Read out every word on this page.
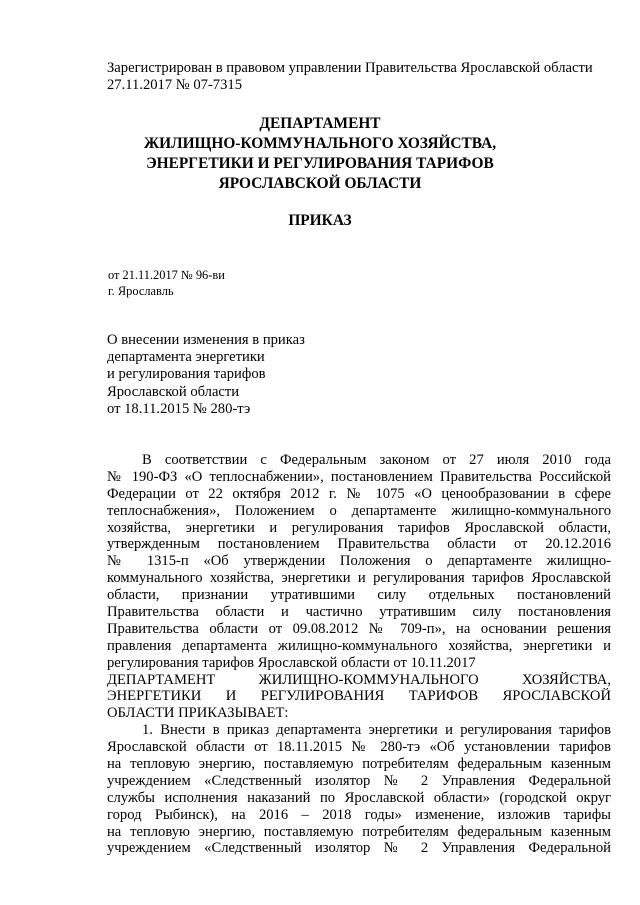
Зарегистрирован в правовом управлении Правительства Ярославской области
27.11.2017 № 07-7315
ДЕПАРТАМЕНТ
ЖИЛИЩНО-КОММУНАЛЬНОГО ХОЗЯЙСТВА,
ЭНЕРГЕТИКИ И РЕГУЛИРОВАНИЯ ТАРИФОВ
ЯРОСЛАВСКОЙ ОБЛАСТИ
ПРИКАЗ
от 21.11.2017 № 96-ви
г. Ярославль
О внесении изменения в приказ
департамента энергетики
и регулирования тарифов
Ярославской области
от 18.11.2015 № 280-тэ
В соответствии с Федеральным законом от 27 июля 2010 года
№ 190-ФЗ «О теплоснабжении», постановлением Правительства Российской
Федерации от 22 октября 2012 г. № 1075 «О ценообразовании в сфере
теплоснабжения», Положением о департаменте жилищно-коммунального
хозяйства, энергетики и регулирования тарифов Ярославской области,
утвержденным постановлением Правительства области от 20.12.2016
№ 1315-п «Об утверждении Положения о департаменте жилищно-
коммунального хозяйства, энергетики и регулирования тарифов Ярославской
области, признании утратившими силу отдельных постановлений
Правительства области и частично утратившим силу постановления
Правительства области от 09.08.2012 № 709-п», на основании решения
правления департамента жилищно-коммунального хозяйства, энергетики и
регулирования тарифов Ярославской области от 10.11.2017
ДЕПАРТАМЕНТ ЖИЛИЩНО-КОММУНАЛЬНОГО ХОЗЯЙСТВА,
ЭНЕРГЕТИКИ И РЕГУЛИРОВАНИЯ ТАРИФОВ ЯРОСЛАВСКОЙ
ОБЛАСТИ ПРИКАЗЫВАЕТ:
1. Внести в приказ департамента энергетики и регулирования тарифов
Ярославской области от 18.11.2015 № 280-тэ «Об установлении тарифов
на тепловую энергию, поставляемую потребителям федеральным казенным
учреждением «Следственный изолятор № 2 Управления Федеральной
службы исполнения наказаний по Ярославской области» (городской округ
город Рыбинск), на 2016 – 2018 годы» изменение, изложив тарифы
на тепловую энергию, поставляемую потребителям федеральным казенным
учреждением «Следственный изолятор № 2 Управления Федеральной
